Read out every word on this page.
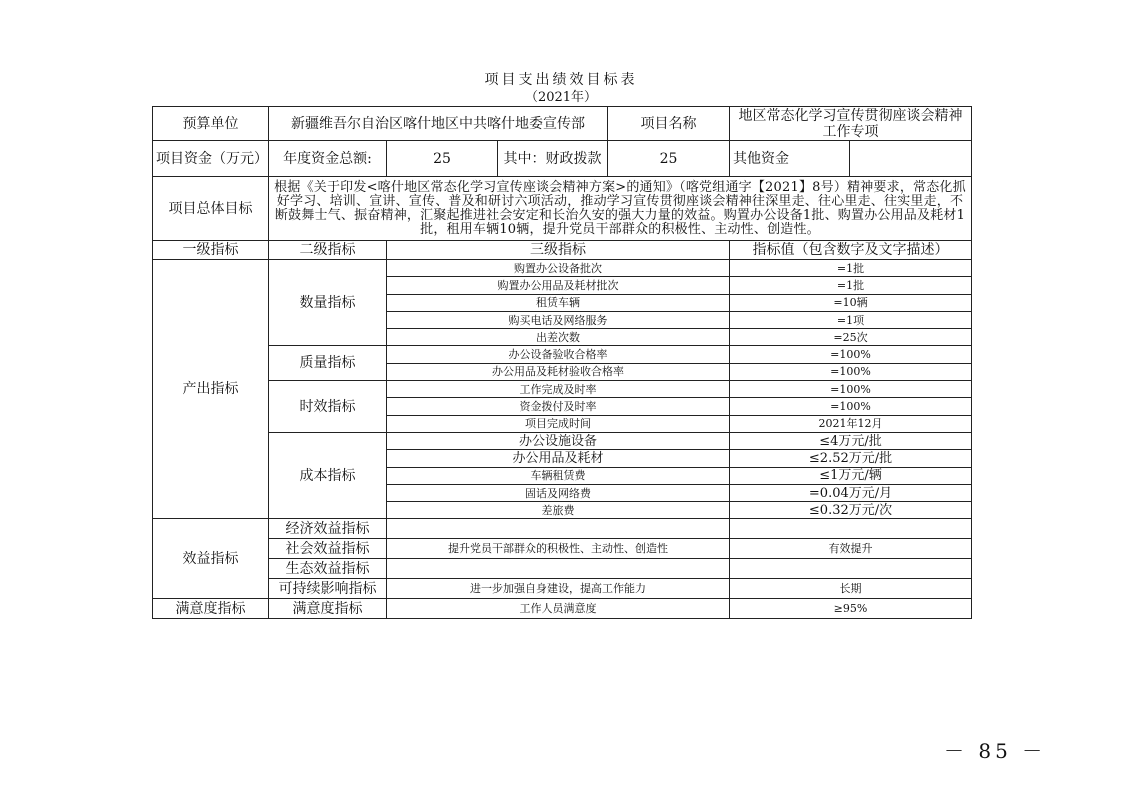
项目支出绩效目标表
（2021年）
预算单位	新疆维吾尔自治区喀什地区中共喀什地委宣传部			项目名称	地区常态化学习宣传贯彻座谈会精神工作专项	
项目资金（万元）	年度资金总额:	25	其中：财政拨款	25	其他资金	
项目总体目标	根据《关于印发<喀什地区常态化学习宣传座谈会精神方案>的通知》（喀党组通字【2021】8号）精神要求，常态化抓好学习、培训、宣讲、宣传、普及和研讨六项活动，推动学习宣传贯彻座谈会精神往深里走、往心里走、往实里走，不断鼓舞士气、振奋精神，汇聚起推进社会安定和长治久安的强大力量的效益。购置办公设备1批、购置办公用品及耗材1批，租用车辆10辆，提升党员干部群众的积极性、主动性、创造性。					
一级指标	二级指标	三级指标			指标值（包含数字及文字描述）	
产出指标	数量指标	购置办公设备批次			=1批	
		购置办公用品及耗材批次			=1批	
		租赁车辆			=10辆	
		购买电话及网络服务			=1项	
		出差次数			=25次	
	质量指标	办公设备验收合格率			=100%	
		办公用品及耗材验收合格率			=100%	
	时效指标	工作完成及时率			=100%	
		资金拨付及时率			=100%	
		项目完成时间			2021年12月	
	成本指标	办公设施设备			≤4万元/批	
		办公用品及耗材			≤2.52万元/批	
		车辆租赁费			≤1万元/辆	
		固话及网络费			=0.04万元/月	
		差旅费			≤0.32万元/次	
效益指标	经济效益指标					
	社会效益指标	提升党员干部群众的积极性、主动性、创造性			有效提升	
	生态效益指标					
	可持续影响指标	进一步加强自身建设，提高工作能力			长期	
满意度指标	满意度指标	工作人员满意度			≥95%	
－ 85 －
